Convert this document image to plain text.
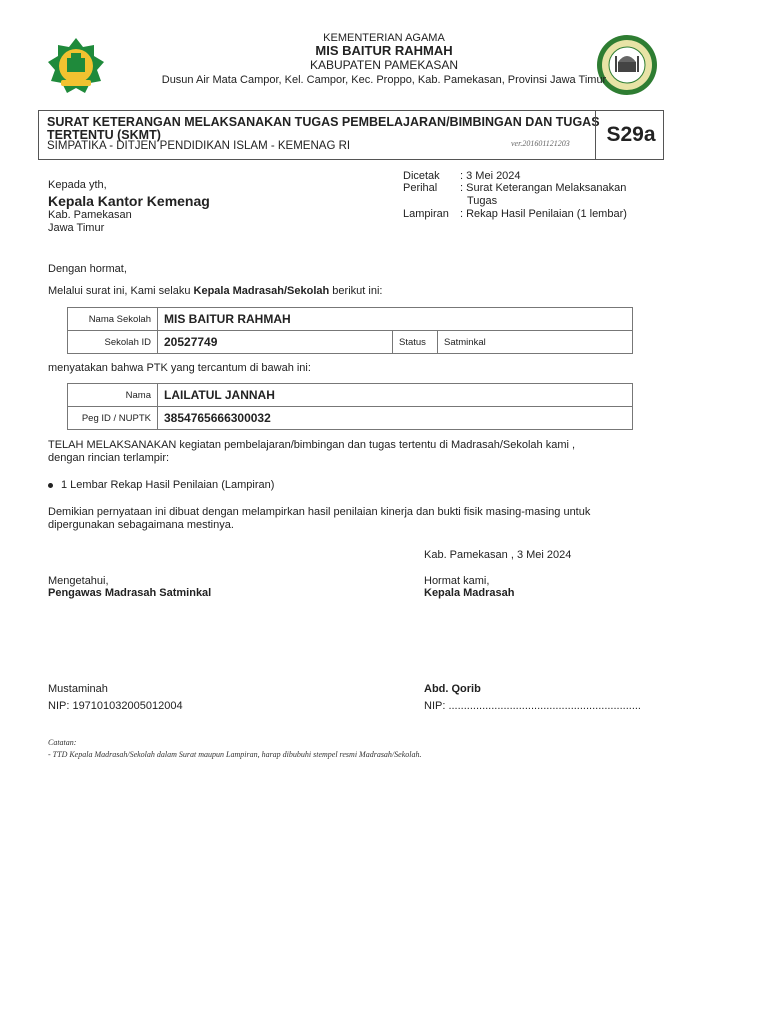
KEMENTERIAN AGAMA
MIS BAITUR RAHMAH
KABUPATEN PAMEKASAN
Dusun Air Mata Campor, Kel. Campor, Kec. Proppo, Kab. Pamekasan, Provinsi Jawa Timur
SURAT KETERANGAN MELAKSANAKAN TUGAS PEMBELAJARAN/BIMBINGAN DAN TUGAS TERTENTU (SKMT)
SIMPATIKA - DITJEN PENDIDIKAN ISLAM - KEMENAG RI	ver.201601121203	S29a
Kepada yth,
Kepala Kantor Kemenag
Kab. Pamekasan
Jawa Timur
Dicetak : 3 Mei 2024
Perihal : Surat Keterangan Melaksanakan
Tugas
Lampiran : Rekap Hasil Penilaian (1 lembar)
Dengan hormat,
Melalui surat ini, Kami selaku Kepala Madrasah/Sekolah berikut ini:
Nama Sekolah	MIS BAITUR RAHMAH		
Sekolah ID	20527749	Status	Satminkal
menyatakan bahwa PTK yang tercantum di bawah ini:
Nama	LAILATUL JANNAH
Peg ID / NUPTK	3854765666300032
TELAH MELAKSANAKAN kegiatan pembelajaran/bimbingan dan tugas tertentu di Madrasah/Sekolah kami ,
dengan rincian terlampir:
1 Lembar Rekap Hasil Penilaian (Lampiran)
Demikian pernyataan ini dibuat dengan melampirkan hasil penilaian kinerja dan bukti fisik masing-masing untuk
dipergunakan sebagaimana mestinya.
Kab. Pamekasan , 3 Mei 2024
Mengetahui,
Pengawas Madrasah Satminkal
Mustaminah
NIP: 197101032005012004
Hormat kami,
Kepala Madrasah
Abd. Qorib
NIP: ...............................................................
Catatan:
- TTD Kepala Madrasah/Sekolah dalam Surat maupun Lampiran, harap dibubuhi stempel resmi Madrasah/Sekolah.
